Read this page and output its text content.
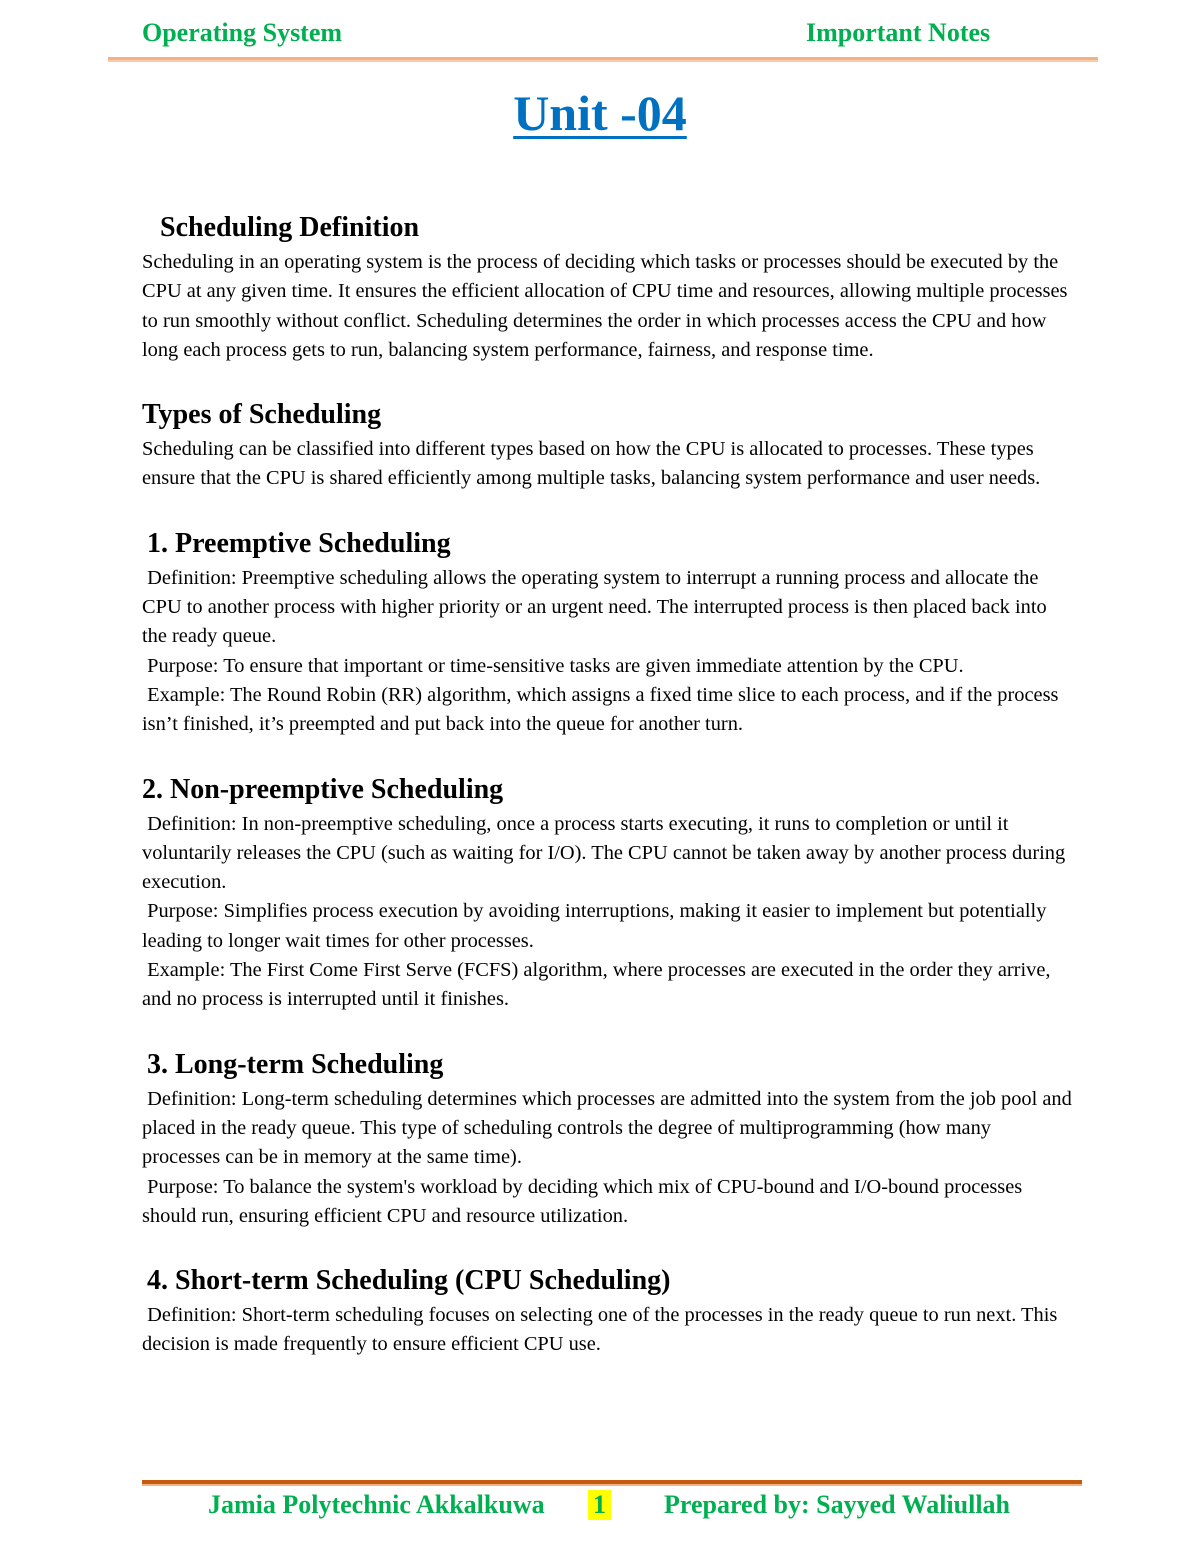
Operating System	Important Notes
Unit -04
Scheduling Definition

Scheduling in an operating system is the process of deciding which tasks or processes should be executed by the CPU at any given time. It ensures the efficient allocation of CPU time and resources, allowing multiple processes to run smoothly without conflict. Scheduling determines the order in which processes access the CPU and how long each process gets to run, balancing system performance, fairness, and response time.

Types of Scheduling

Scheduling can be classified into different types based on how the CPU is allocated to processes. These types ensure that the CPU is shared efficiently among multiple tasks, balancing system performance and user needs.

1. Preemptive Scheduling

Definition: Preemptive scheduling allows the operating system to interrupt a running process and allocate the CPU to another process with higher priority or an urgent need. The interrupted process is then placed back into the ready queue.

Purpose: To ensure that important or time-sensitive tasks are given immediate attention by the CPU.

Example: The Round Robin (RR) algorithm, which assigns a fixed time slice to each process, and if the process isn’t finished, it’s preempted and put back into the queue for another turn.

2. Non-preemptive Scheduling

Definition: In non-preemptive scheduling, once a process starts executing, it runs to completion or until it voluntarily releases the CPU (such as waiting for I/O). The CPU cannot be taken away by another process during execution.

Purpose: Simplifies process execution by avoiding interruptions, making it easier to implement but potentially leading to longer wait times for other processes.

Example: The First Come First Serve (FCFS) algorithm, where processes are executed in the order they arrive, and no process is interrupted until it finishes.

3. Long-term Scheduling

Definition: Long-term scheduling determines which processes are admitted into the system from the job pool and placed in the ready queue. This type of scheduling controls the degree of multiprogramming (how many processes can be in memory at the same time).

Purpose: To balance the system's workload by deciding which mix of CPU-bound and I/O-bound processes should run, ensuring efficient CPU and resource utilization.

4. Short-term Scheduling (CPU Scheduling)

Definition: Short-term scheduling focuses on selecting one of the processes in the ready queue to run next. This decision is made frequently to ensure efficient CPU use.

Jamia Polytechnic Akkalkuwa 1 Prepared by: Sayyed Waliullah
